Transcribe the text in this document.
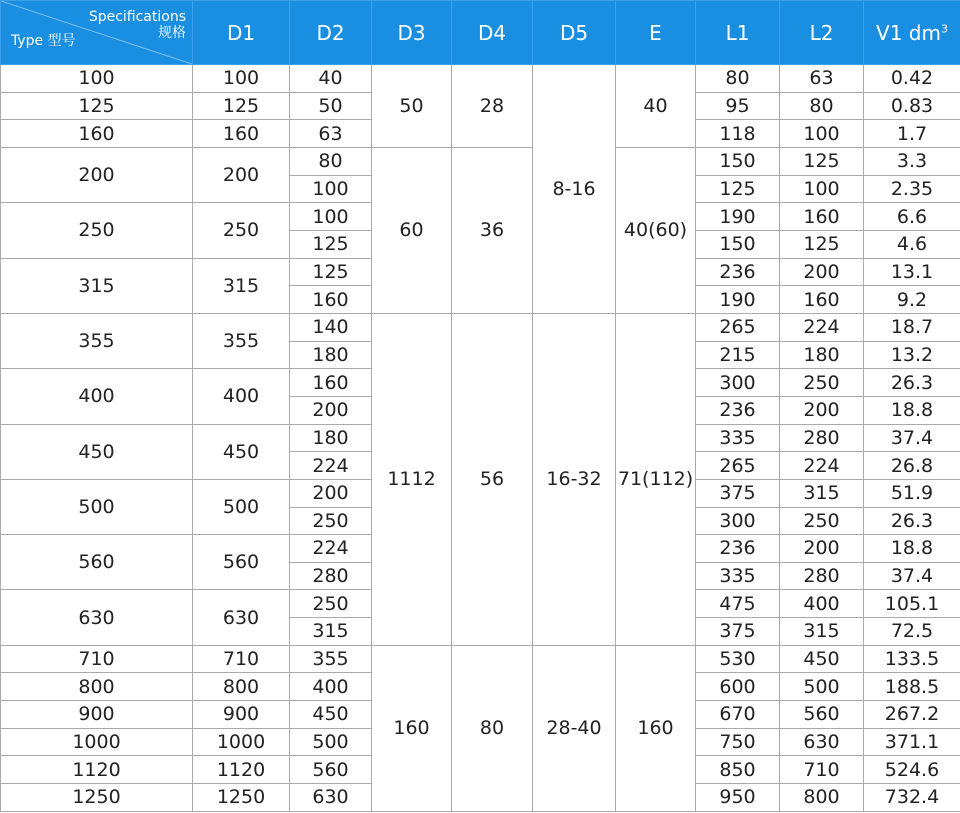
Specifications
规格
Type 型号	D1	D2	D3	D4	D5	E	L1	L2	V1 $dm^3$
100	100	40	50	28	8-16	40	80	63	0.42
125	125	50					95	80	0.83
160	160	63					118	100	1.7
200	200	80	60	36		40(60)	150	125	3.3
		100					125	100	2.35
250	250	100					190	160	6.6
		125					150	125	4.6
315	315	125					236	200	13.1
		160					190	160	9.2
355	355	140	1112	56	16-32	71(112)	265	224	18.7
		180					215	180	13.2
400	400	160					300	250	26.3
		200					236	200	18.8
450	450	180					335	280	37.4
		224					265	224	26.8
500	500	200					375	315	51.9
		250					300	250	26.3
560	560	224					236	200	18.8
		280					335	280	37.4
630	630	250					475	400	105.1
		315					375	315	72.5
710	710	355	160	80	28-40	160	530	450	133.5
800	800	400					600	500	188.5
900	900	450					670	560	267.2
1000	1000	500					750	630	371.1
1120	1120	560					850	710	524.6
1250	1250	630					950	800	732.4
